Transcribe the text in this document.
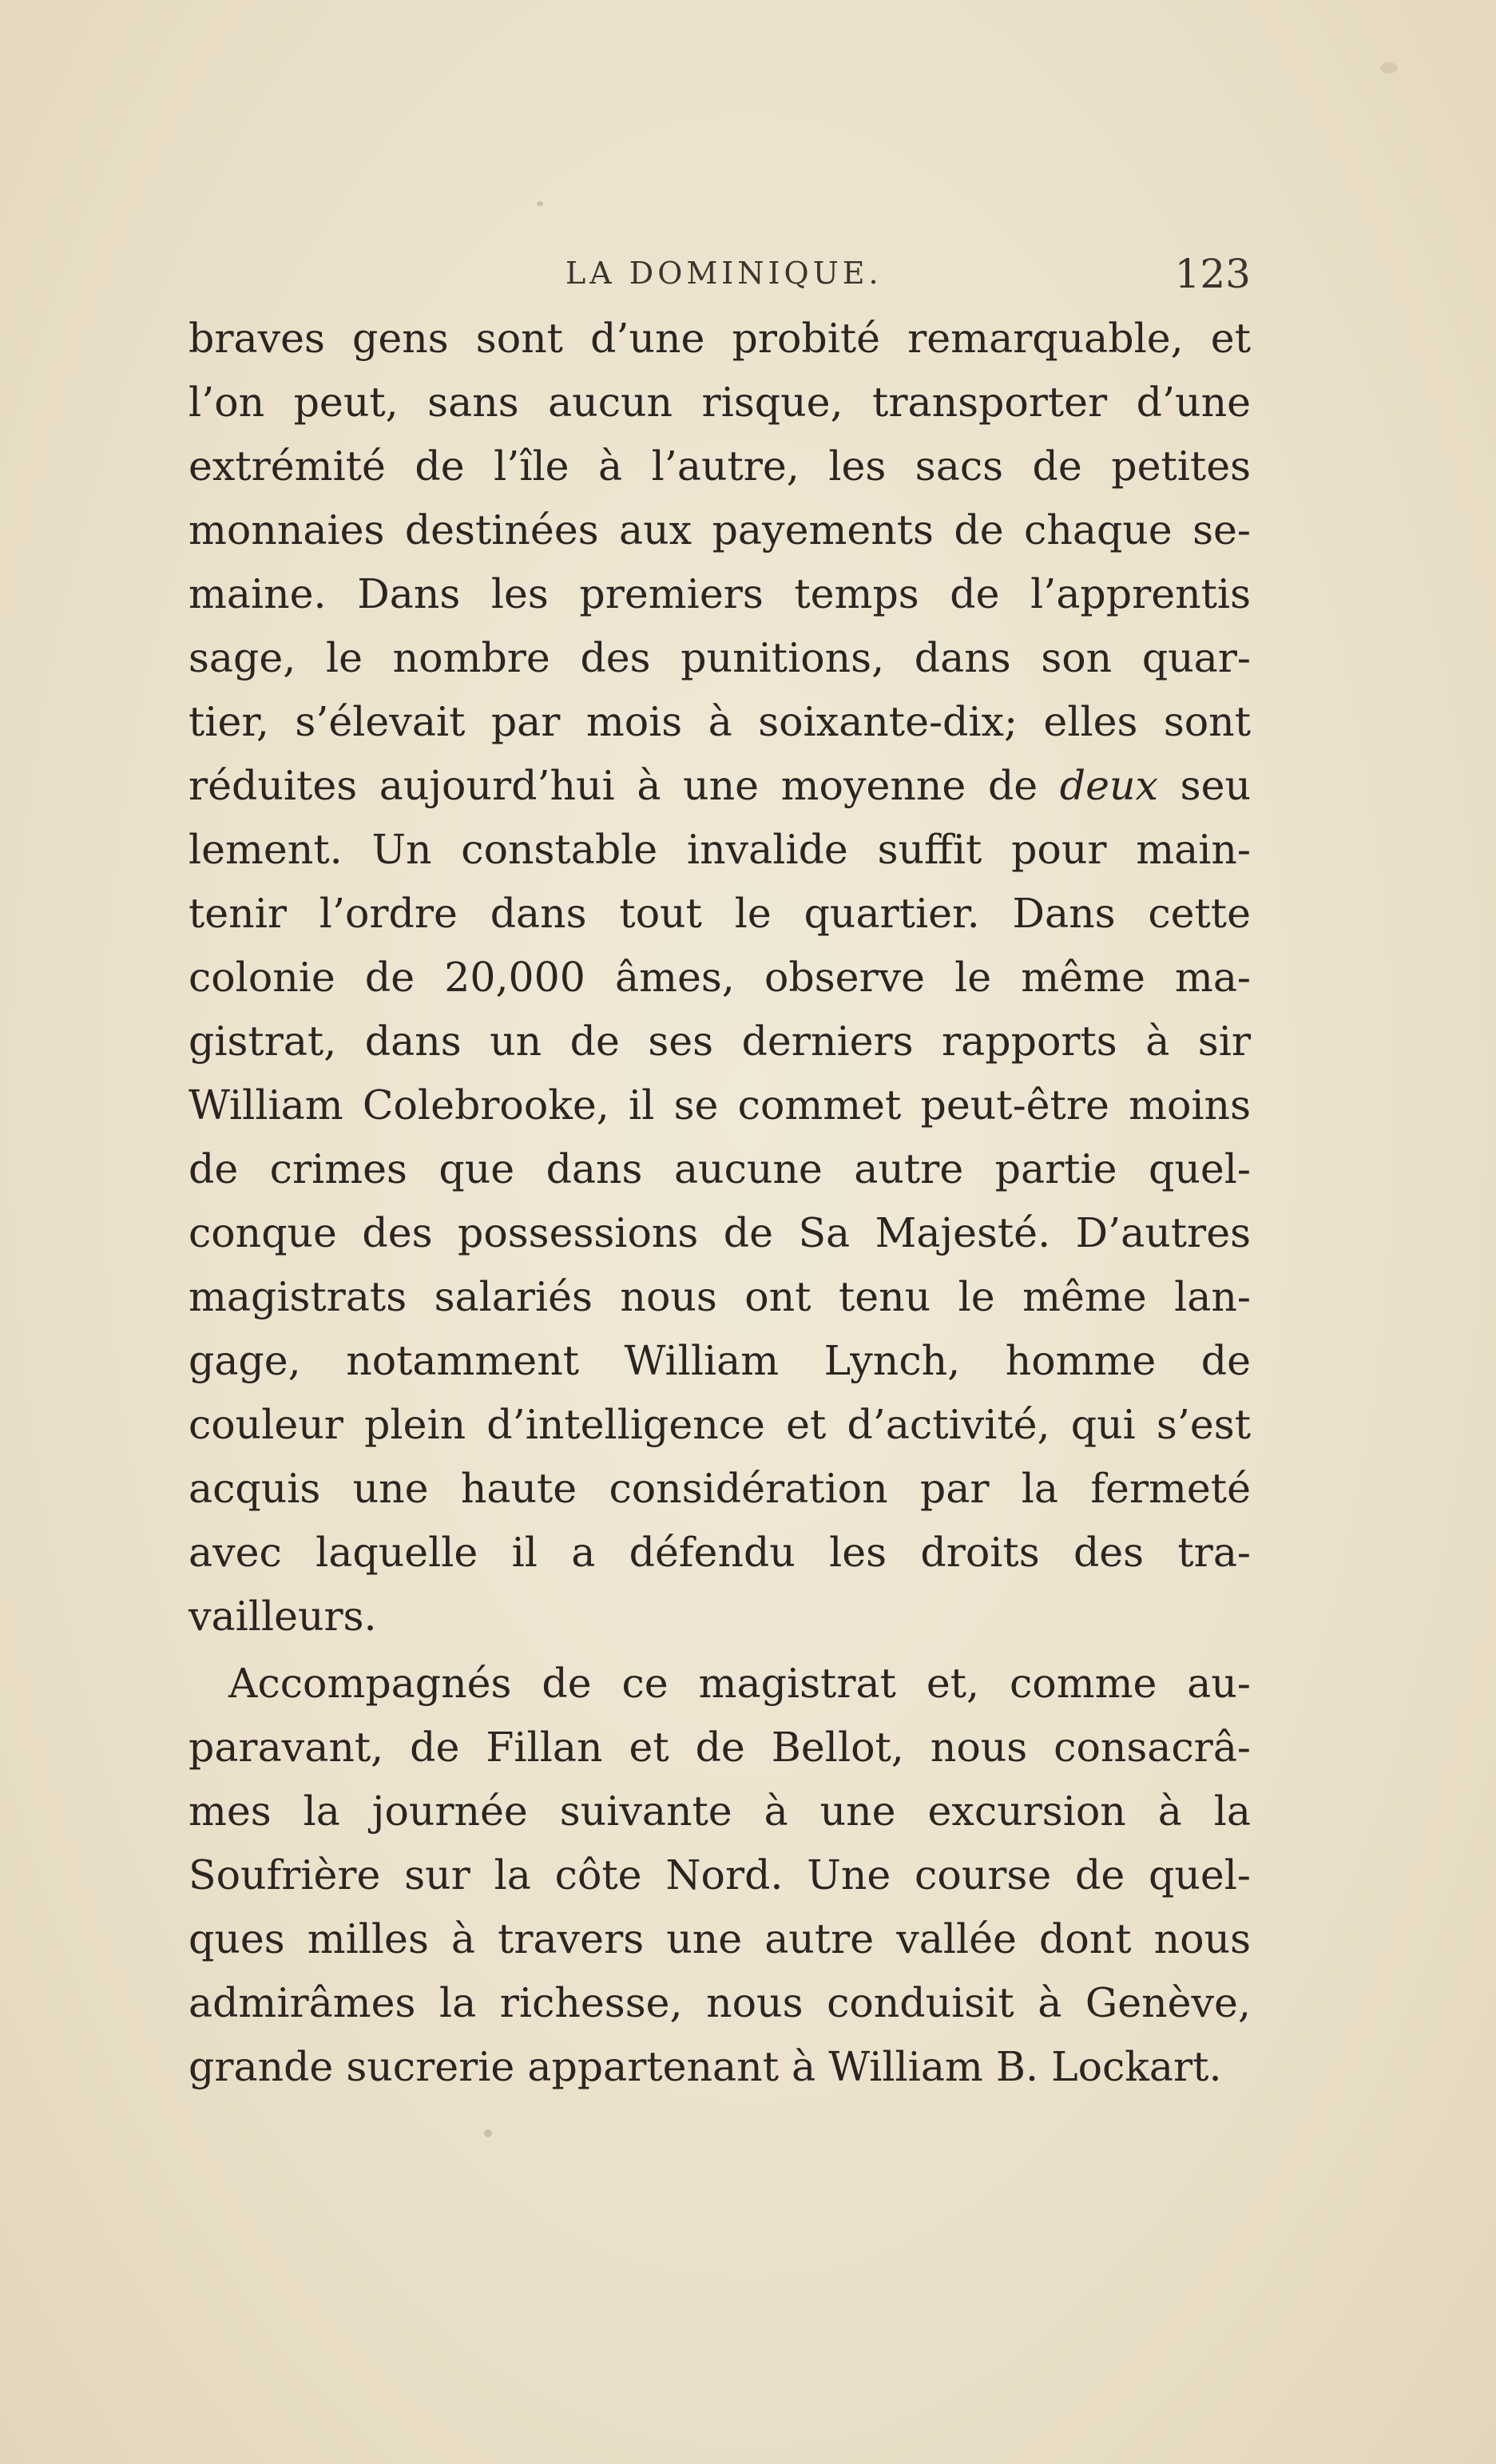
LA DOMINIQUE.	123
braves gens sont d’une probité remarquable, et
l’on peut, sans aucun risque, transporter d’une
extrémité de l’île à l’autre, les sacs de petites
monnaies destinées aux payements de chaque se-
maine. Dans les premiers temps de l’apprentis
sage, le nombre des punitions, dans son quar-
tier, s’élevait par mois à soixante-dix; elles sont
réduites aujourd’hui à une moyenne de deux seu
lement. Un constable invalide suffit pour main-
tenir l’ordre dans tout le quartier. Dans cette
colonie de 20,000 âmes, observe le même ma-
gistrat, dans un de ses derniers rapports à sir
William Colebrooke, il se commet peut-être moins
de crimes que dans aucune autre partie quel-
conque des possessions de Sa Majesté. D’autres
magistrats salariés nous ont tenu le même lan-
gage, notamment William Lynch, homme de
couleur plein d’intelligence et d’activité, qui s’est
acquis une haute considération par la fermeté
avec laquelle il a défendu les droits des tra-
vailleurs.
Accompagnés de ce magistrat et, comme au-
paravant, de Fillan et de Bellot, nous consacrâ-
mes la journée suivante à une excursion à la
Soufrière sur la côte Nord. Une course de quel-
ques milles à travers une autre vallée dont nous
admirâmes la richesse, nous conduisit à Genève,
grande sucrerie appartenant à William B. Lockart.
